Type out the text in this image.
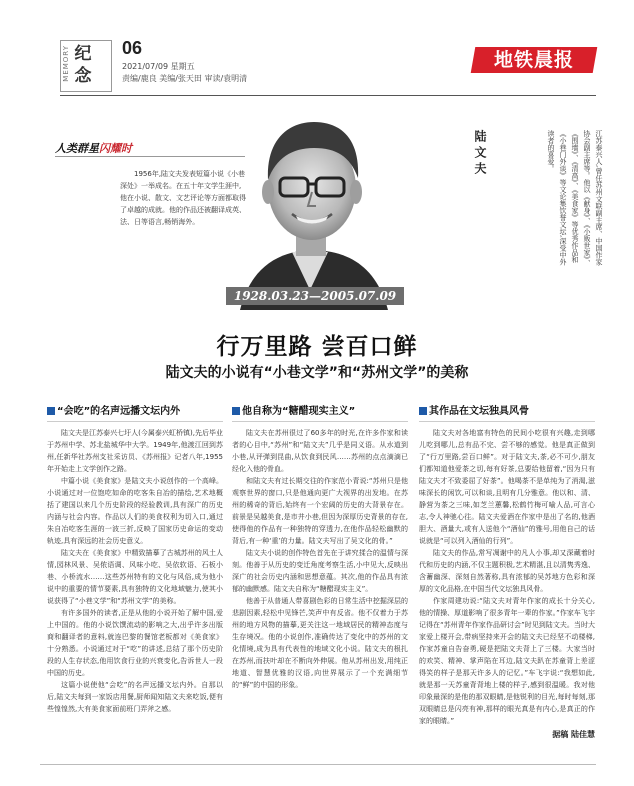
纪念
MEMORY	06
2021/07/09 星期五
责编/鹿良 美编/张天田 审读/袁明清
地铁晨报
人类群星闪耀时
1956年,陆文夫发表短篇小说《小巷深处》一举成名。在五十年文学生涯中,他在小说、散文、文艺评论等方面都取得了卓越的成就。他的作品还被翻译成英、法、日等语言,畅销海外。
陆文夫	江苏泰兴人,曾任苏州文联副主席、中国作家协会副主席等。他以《献身》、《小贩世家》、《围墙》、《清高》、《美食家》等优秀作品和《小巷门外谈》等文论集饮誉文坛,深受中外读者的喜爱。
1928.03.23—2005.07.09
行万里路 尝百口鲜
陆文夫的小说有“小巷文学”和“苏州文学”的美称
“会吃”的名声远播文坛内外

陆文夫是江苏泰兴七圩人(今属泰兴虹桥镇),先后毕业于苏州中学、苏北盐城华中大学。1949年,他渡江回到苏州,任新华社苏州支社采访员、《苏州报》记者八年,1955年开始走上文学创作之路。

中篇小说《美食家》是陆文夫小说创作的一个高峰。小说通过对一位饱吃如命的吃客朱自冶的描绘,艺术地概括了建国以来几个历史阶段的经验教训,具有深广的历史内涵与社会内容。作品以人们的美食权利为切入口,通过朱自冶吃客生涯的一波三折,反映了国家历史命运的变动轨迹,具有深远的社会历史意义。

陆文夫在《美食家》中精致描摹了古城苏州的风土人情,园林风景、吴侬语调、风味小吃、吴依软语、石板小巷、小桥流水……这些苏州特有的文化与风俗,成为他小说中的重要的情节要素,具有独特的文化地域魅力,使其小说获得了“小巷文学”和“苏州文学”的美称。

有许多国外的读者,正是从他的小说开始了解中国,爱上中国的。他的小说饮馔流动的影响之大,出乎许多出版商和翻译者的意料,就连巴黎的餐馆老板都对《美食家》十分熟悉。小说通过对于“吃”的讲述,总结了那个历史阶段的人生存状态,他用饮食行业的兴衰变化,告诉世人一段中国的历史。

这篇小说使他“会吃”的名声远播文坛内外。自那以后,陆文夫每到一家饭店用餐,厨师闻知陆文夫来吃饭,便有些惶惶然,大有美食家面前班门弄斧之感。

他自称为“糖醋现实主义”

陆文夫在苏州很过了60多年的时光,在许多作家和读者的心目中,“苏州”和“陆文夫”几乎是同义语。从水道到小巷,从评弹到昆曲,从饮食到民风……苏州的点点滴滴已经化入他的骨血。

和陆文夫有过长期交往的作家范小青说:“苏州只是他观察世界的窗口,只是他通向更广大视界的出发地。在苏州的稀奇的背后,始终有一个宏阔的历史的大背景存在。前景是吴越美食,是市井小巷,但因为深厚历史背景的存在,使得他的作品有一种独特的穿透力,在他作品轻松幽默的背后,有一种‘重’的力量。陆文夫写出了吴文化的骨。”

陆文夫小说的创作特色首先在于讲究揉合的温情与深刻。他善于从历史的变迁角度考察生活,小中见大,反映出深广的社会历史内涵和思想意蕴。其次,他的作品具有浓郁的幽默感。陆文夫自称为“糖醋现实主义”。

他善于从普通人带喜剧色彩的日常生活中挖掘深层的悲剧因素,轻松中见锋芒,笑声中有反省。他不仅着力于苏州的地方风物的描摹,更关注这一地域居民的精神态度与生存境况。他的小说创作,准确传达了变化中的苏州的文化情境,成为具有代表性的地域文化小说。陆文夫的根扎在苏州,而扶叶却在不断向外伸展。他从苏州出发,用纯正地道、智慧优雅的汉语,向世界展示了一个充满细节的“鲜”的中国的形象。

其作品在文坛独具风骨

陆文夫对各地富有特色的民间小吃很有兴趣,走到哪儿吃到哪儿,总有品不完、尝不够的感觉。他是真正做到了“行万里路,尝百口鲜”。对于陆文夫,茶,必不可少,朋友们都知道他爱茶之切,每有好茶,总要给他留着,“因为只有陆文夫才不致委屈了好茶”。他喝茶不是单纯为了消渴,滋味深长的闲饮,可以和谈,且明有几分雅意。他以和、清、静营为茶之三味,如芝兰蕙馨,松鹤竹梅可喻人品,可言心志,令人神驰心往。陆文夫爱酒在作家中是出了名的,他酒胆大、酒量大,或有人送他个“酒仙”的雅号,用他自己的话说就是“可以列入酒仙的行列”。

陆文夫的作品,常写凋谢中的凡人小事,却又深藏着时代和历史的内涵,不仅主题积极,艺术精湛,且以清隽秀逸、含蓄幽深、深刻自然著称,具有浓郁的吴苏地方色彩和深厚的文化品格,在中国当代文坛独具风骨。

作家周建功说:“陆文夫对青年作家的成长十分关心,他的情操、厚道影响了很多青年一辈的作家。”作家车飞宇记得在“苏州青年作家作品研讨会”时见到陆文夫。当时大家爱上楼开会,带病坚持来开会的陆文夫已经坚不动楼梯,作家苏童自告奋勇,硬是把陆文夫背上了三楼。大家当时的欢笑、精神、掌声陷在耳边,陆文夫趴在苏童背上差涩得笑的样子是那天许多人的记忆。”车飞宇说:“我想如此,就是那一天苏童背背地上楼的样子,感到很温暖。我对他印象最深的是他的那双眼睛,是他锐利的目光,每时每刻,那双眼睛总是闪亮有神,那样的眼光真是有内心,是真正的作家的眼睛。”

据稿 陆佳慧
